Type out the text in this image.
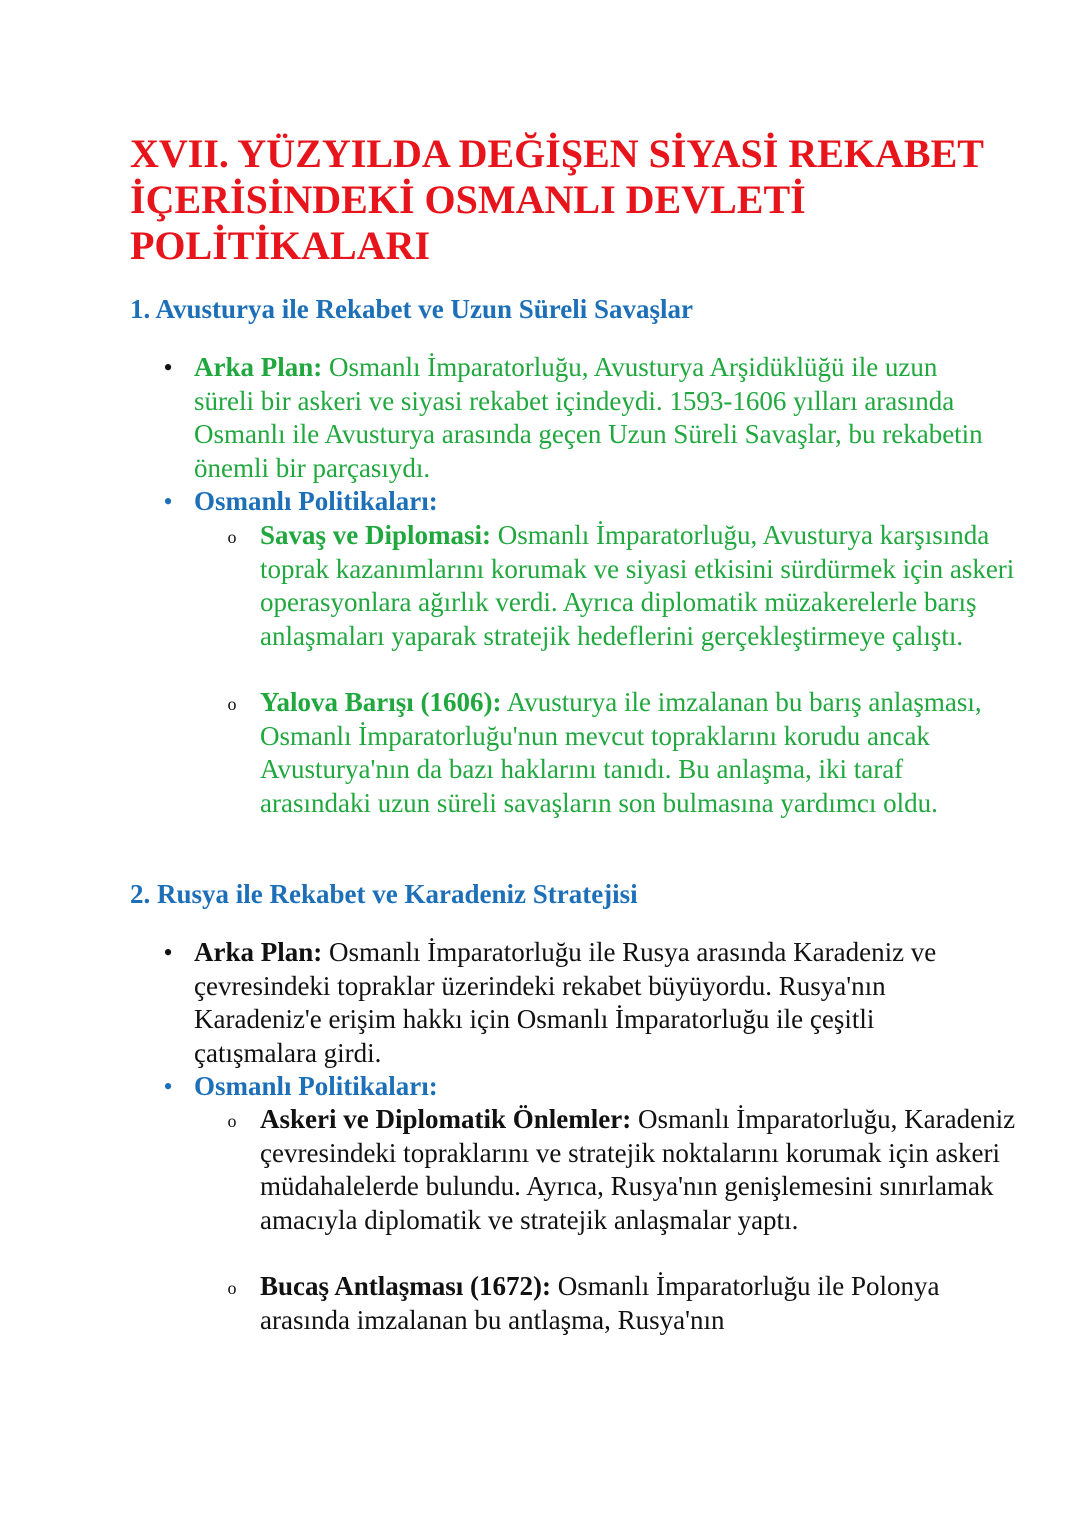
XVII. YÜZYILDA DEĞİŞEN SİYASİ REKABET İÇERİSİNDEKİ OSMANLI DEVLETİ POLİTİKALARI
1. Avusturya ile Rekabet ve Uzun Süreli Savaşlar
• Arka Plan: Osmanlı İmparatorluğu, Avusturya Arşidüklüğü ile uzun süreli bir askeri ve siyasi rekabet içindeydi. 1593-1606 yılları arasında Osmanlı ile Avusturya arasında geçen Uzun Süreli Savaşlar, bu rekabetin önemli bir parçasıydı.
• Osmanlı Politikaları:
o Savaş ve Diplomasi: Osmanlı İmparatorluğu, Avusturya karşısında toprak kazanımlarını korumak ve siyasi etkisini sürdürmek için askeri operasyonlara ağırlık verdi. Ayrıca diplomatik müzakerelerle barış anlaşmaları yaparak stratejik hedeflerini gerçekleştirmeye çalıştı.
o Yalova Barışı (1606): Avusturya ile imzalanan bu barış anlaşması, Osmanlı İmparatorluğu'nun mevcut topraklarını korudu ancak Avusturya'nın da bazı haklarını tanıdı. Bu anlaşma, iki taraf arasındaki uzun süreli savaşların son bulmasına yardımcı oldu.
2. Rusya ile Rekabet ve Karadeniz Stratejisi
• Arka Plan: Osmanlı İmparatorluğu ile Rusya arasında Karadeniz ve çevresindeki topraklar üzerindeki rekabet büyüyordu. Rusya'nın Karadeniz'e erişim hakkı için Osmanlı İmparatorluğu ile çeşitli çatışmalara girdi.
• Osmanlı Politikaları:
o Askeri ve Diplomatik Önlemler: Osmanlı İmparatorluğu, Karadeniz çevresindeki topraklarını ve stratejik noktalarını korumak için askeri müdahalelerde bulundu. Ayrıca, Rusya'nın genişlemesini sınırlamak amacıyla diplomatik ve stratejik anlaşmalar yaptı.
o Bucaş Antlaşması (1672): Osmanlı İmparatorluğu ile Polonya arasında imzalanan bu antlaşma, Rusya'nın
